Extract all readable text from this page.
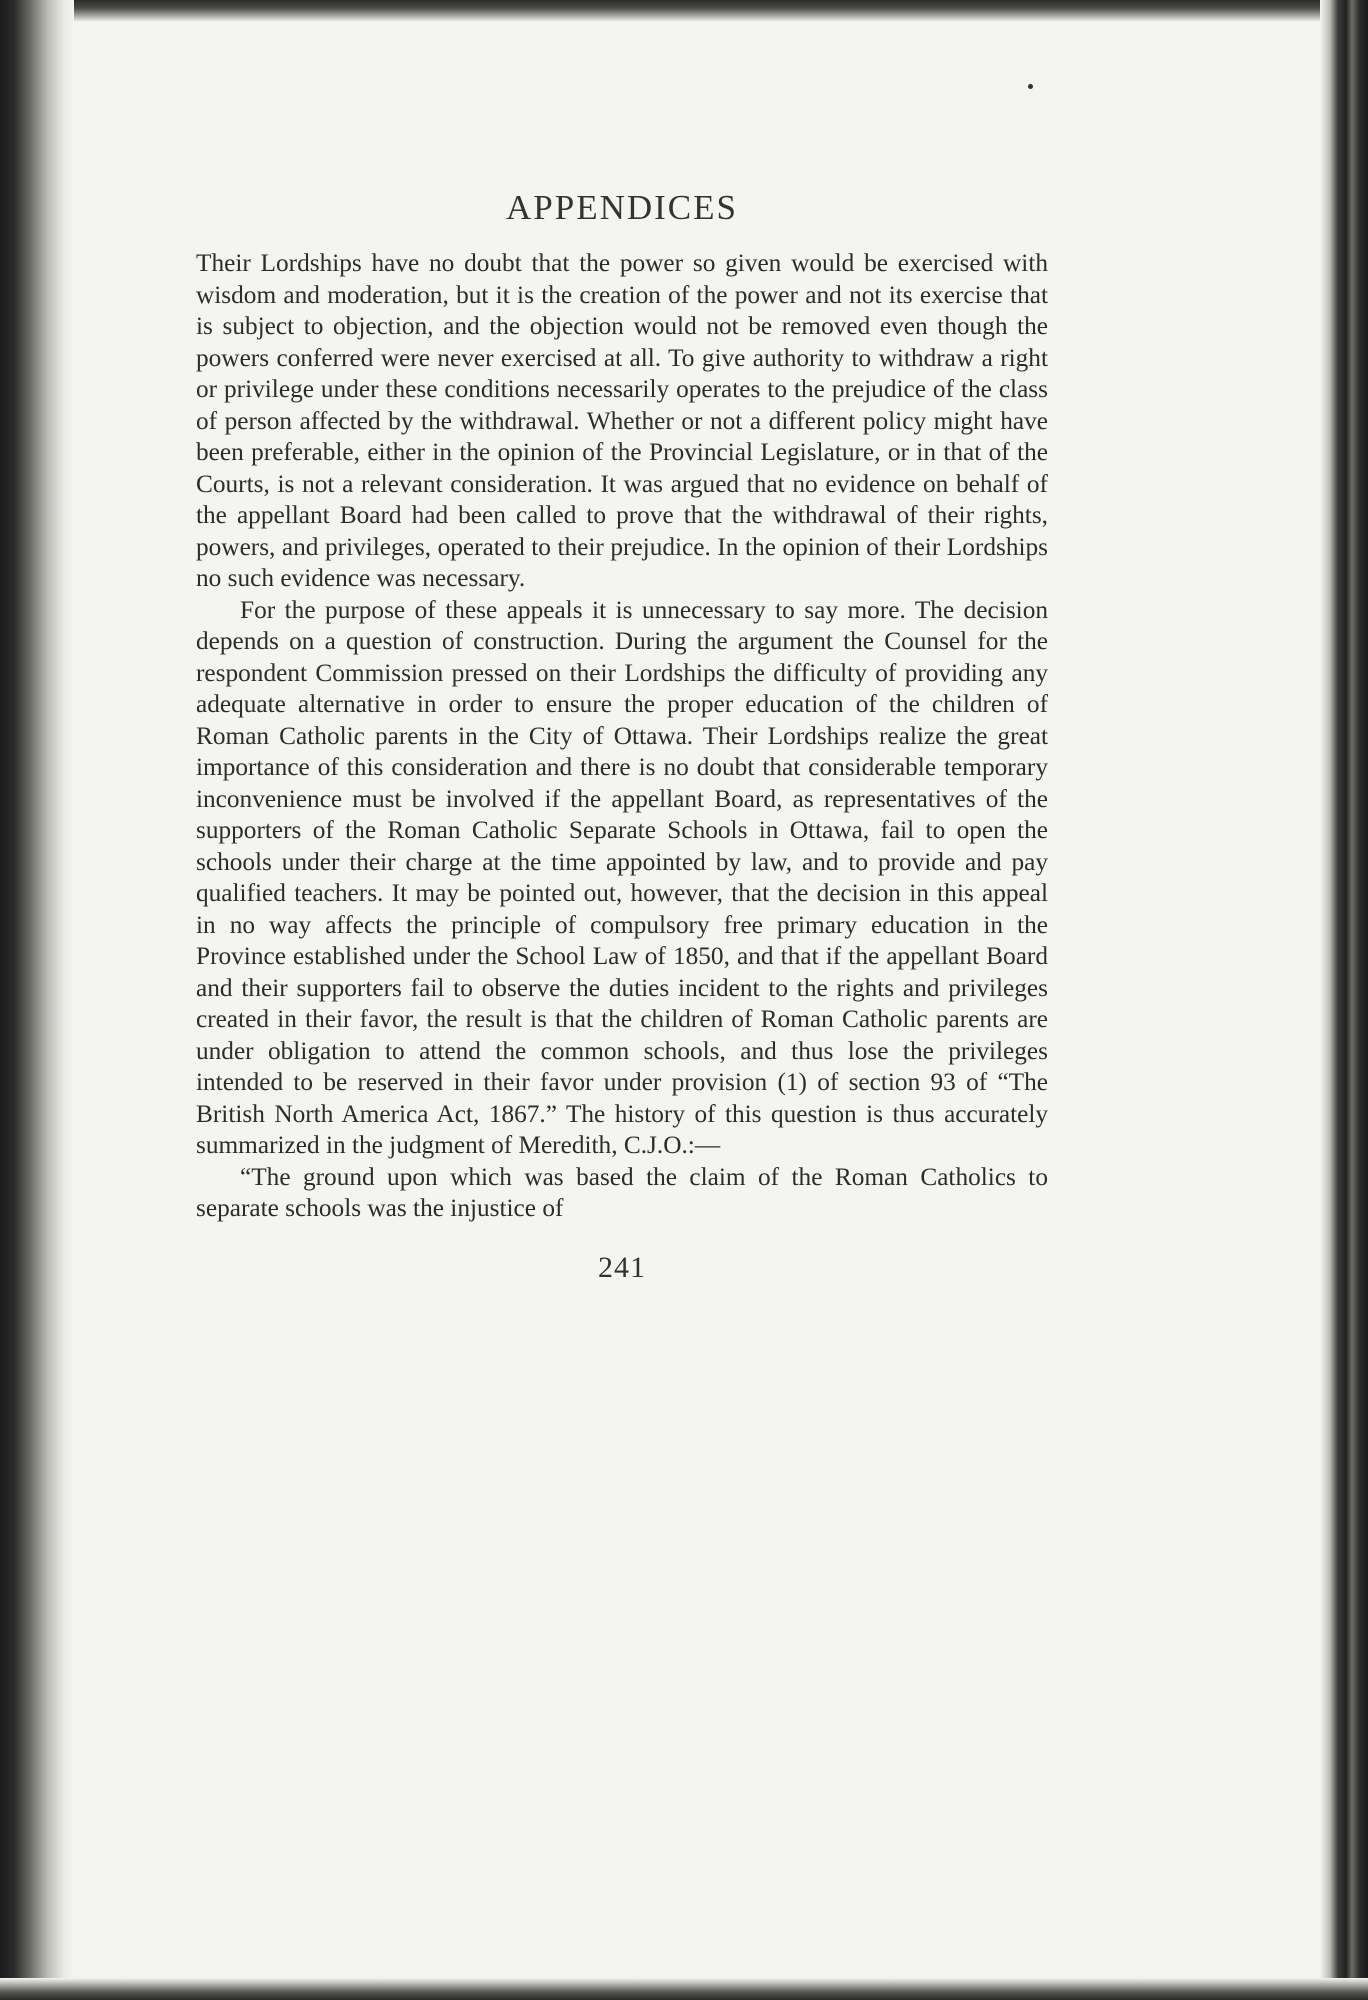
APPENDICES

Their Lordships have no doubt that the power so given would be exercised with wisdom and moderation, but it is the creation of the power and not its exercise that is subject to objection, and the objection would not be removed even though the powers conferred were never exercised at all. To give authority to withdraw a right or privilege under these conditions necessarily operates to the prejudice of the class of person affected by the withdrawal. Whether or not a different policy might have been preferable, either in the opinion of the Provincial Legislature, or in that of the Courts, is not a relevant consideration. It was argued that no evidence on behalf of the appellant Board had been called to prove that the withdrawal of their rights, powers, and privileges, operated to their prejudice. In the opinion of their Lordships no such evidence was necessary.

For the purpose of these appeals it is unnecessary to say more. The decision depends on a question of construction. During the argument the Counsel for the respondent Commission pressed on their Lordships the difficulty of providing any adequate alternative in order to ensure the proper education of the children of Roman Catholic parents in the City of Ottawa. Their Lordships realize the great importance of this consideration and there is no doubt that considerable temporary inconvenience must be involved if the appellant Board, as representatives of the supporters of the Roman Catholic Separate Schools in Ottawa, fail to open the schools under their charge at the time appointed by law, and to provide and pay qualified teachers. It may be pointed out, however, that the decision in this appeal in no way affects the principle of compulsory free primary education in the Province established under the School Law of 1850, and that if the appellant Board and their supporters fail to observe the duties incident to the rights and privileges created in their favor, the result is that the children of Roman Catholic parents are under obligation to attend the common schools, and thus lose the privileges intended to be reserved in their favor under provision (1) of section 93 of “The British North America Act, 1867.” The history of this question is thus accurately summarized in the judgment of Meredith, C.J.O.:—

“The ground upon which was based the claim of the Roman Catholics to separate schools was the injustice of

241
